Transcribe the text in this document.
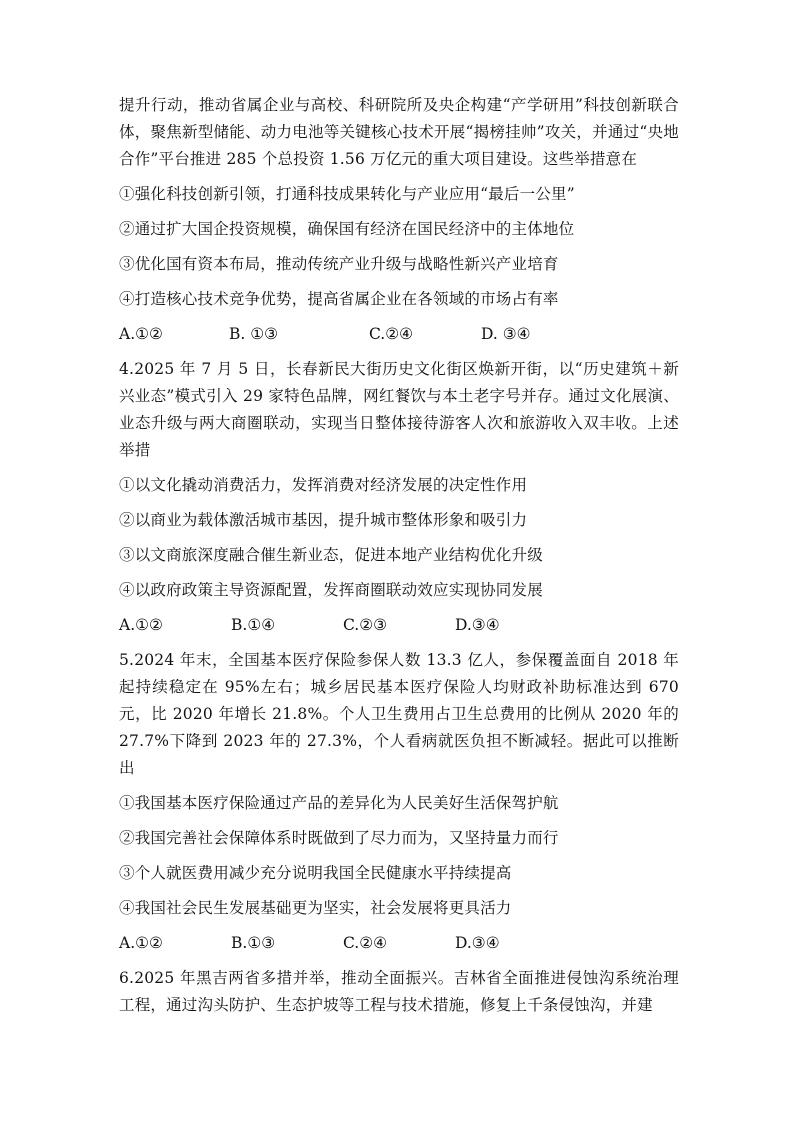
提升行动，推动省属企业与高校、科研院所及央企构建“产学研用”科技创新联合体，聚焦新型储能、动力电池等关键核心技术开展“揭榜挂帅”攻关，并通过“央地合作”平台推进 285 个总投资 1.56 万亿元的重大项目建设。这些举措意在

①强化科技创新引领，打通科技成果转化与产业应用“最后一公里”

②通过扩大国企投资规模，确保国有经济在国民经济中的主体地位

③优化国有资本布局，推动传统产业升级与战略性新兴产业培育

④打造核心技术竞争优势，提高省属企业在各领域的市场占有率

A.①②	B. ①③	C.②④	D. ③④

4.2025 年 7 月 5 日，长春新民大街历史文化街区焕新开街，以“历史建筑＋新兴业态”模式引入 29 家特色品牌，网红餐饮与本土老字号并存。通过文化展演、业态升级与两大商圈联动，实现当日整体接待游客人次和旅游收入双丰收。上述举措

①以文化撬动消费活力，发挥消费对经济发展的决定性作用

②以商业为载体激活城市基因，提升城市整体形象和吸引力

③以文商旅深度融合催生新业态，促进本地产业结构优化升级

④以政府政策主导资源配置，发挥商圈联动效应实现协同发展

A.①②	B.①④	C.②③	D.③④

5.2024 年末，全国基本医疗保险参保人数 13.3 亿人，参保覆盖面自 2018 年起持续稳定在 95%左右；城乡居民基本医疗保险人均财政补助标准达到 670 元，比 2020 年增长 21.8%。个人卫生费用占卫生总费用的比例从 2020 年的 27.7%下降到 2023 年的 27.3%，个人看病就医负担不断减轻。据此可以推断出

①我国基本医疗保险通过产品的差异化为人民美好生活保驾护航

②我国完善社会保障体系时既做到了尽力而为，又坚持量力而行

③个人就医费用减少充分说明我国全民健康水平持续提高

④我国社会民生发展基础更为坚实，社会发展将更具活力

A.①②	B.①③	C.②④	D.③④

6.2025 年黑吉两省多措并举，推动全面振兴。吉林省全面推进侵蚀沟系统治理工程，通过沟头防护、生态护坡等工程与技术措施，修复上千条侵蚀沟，并建
